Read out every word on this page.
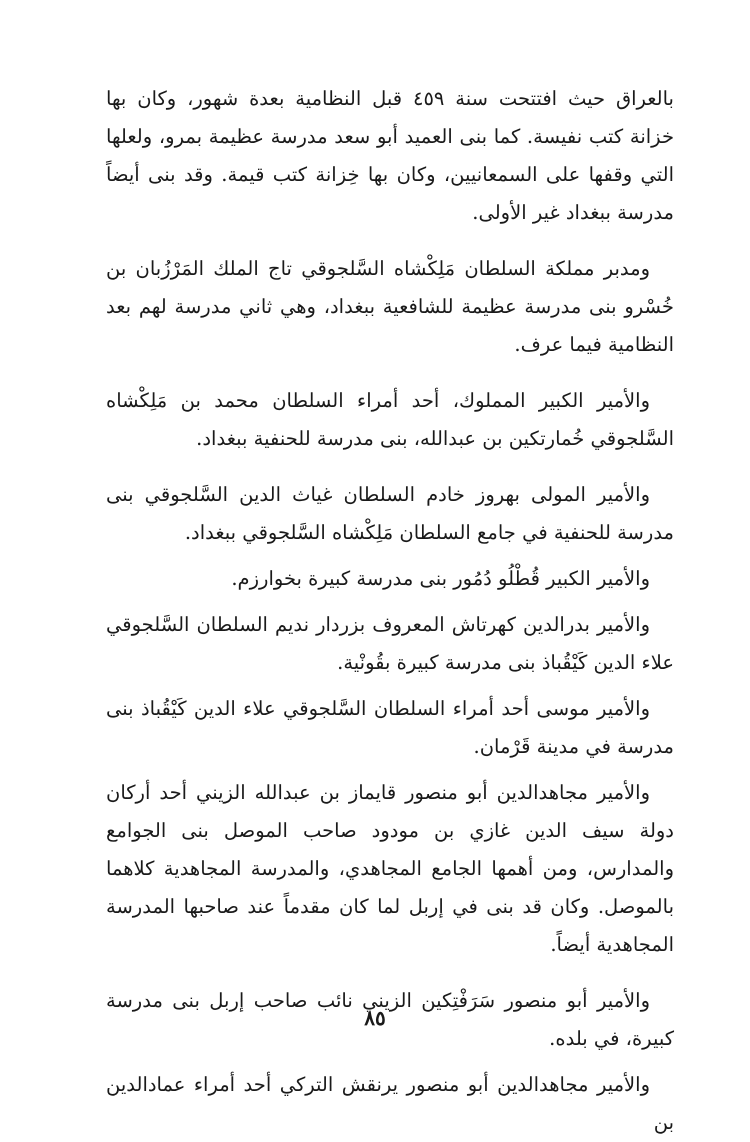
بالعراق حيث افتتحت سنة ٤٥٩ قبل النظامية بعدة شهور، وكان بها خزانة كتب نفيسة. كما بنى العميد أبو سعد مدرسة عظيمة بمرو، ولعلها التي وقفها على السمعانيين، وكان بها خِزانة كتب قيمة. وقد بنى أيضاً مدرسة ببغداد غير الأولى.

ومدبر مملكة السلطان مَلِكْشاه السَّلجوقي تاج الملك المَرْزُبان بن خُسْرو بنى مدرسة عظيمة للشافعية ببغداد، وهي ثاني مدرسة لهم بعد النظامية فيما عرف.

والأمير الكبير المملوك، أحد أمراء السلطان محمد بن مَلِكْشاه السَّلجوقي خُمارتكين بن عبدالله، بنى مدرسة للحنفية ببغداد.

والأمير المولى بهروز خادم السلطان غياث الدين السَّلجوقي بنى مدرسة للحنفية في جامع السلطان مَلِكْشاه السَّلجوقي ببغداد.

والأمير الكبير قُطْلُو دُمُور بنى مدرسة كبيرة بخوارزم.

والأمير بدرالدين كهرتاش المعروف بزردار نديم السلطان السَّلجوقي علاء الدين كَيْقُباذ بنى مدرسة كبيرة بقُونْية.

والأمير موسى أحد أمراء السلطان السَّلجوقي علاء الدين كَيْقُباذ بنى مدرسة في مدينة قَرْمان.

والأمير مجاهدالدين أبو منصور قايماز بن عبدالله الزيني أحد أركان دولة سيف الدين غازي بن مودود صاحب الموصل بنى الجوامع والمدارس، ومن أهمها الجامع المجاهدي، والمدرسة المجاهدية كلاهما بالموصل. وكان قد بنى في إربل لما كان مقدماً عند صاحبها المدرسة المجاهدية أيضاً.

والأمير أبو منصور سَرَفْتِكين الزيني نائب صاحب إربل بنى مدرسة كبيرة، في بلده.

والأمير مجاهدالدين أبو منصور يرنقش التركي أحد أمراء عمادالدين بن

٨٥
